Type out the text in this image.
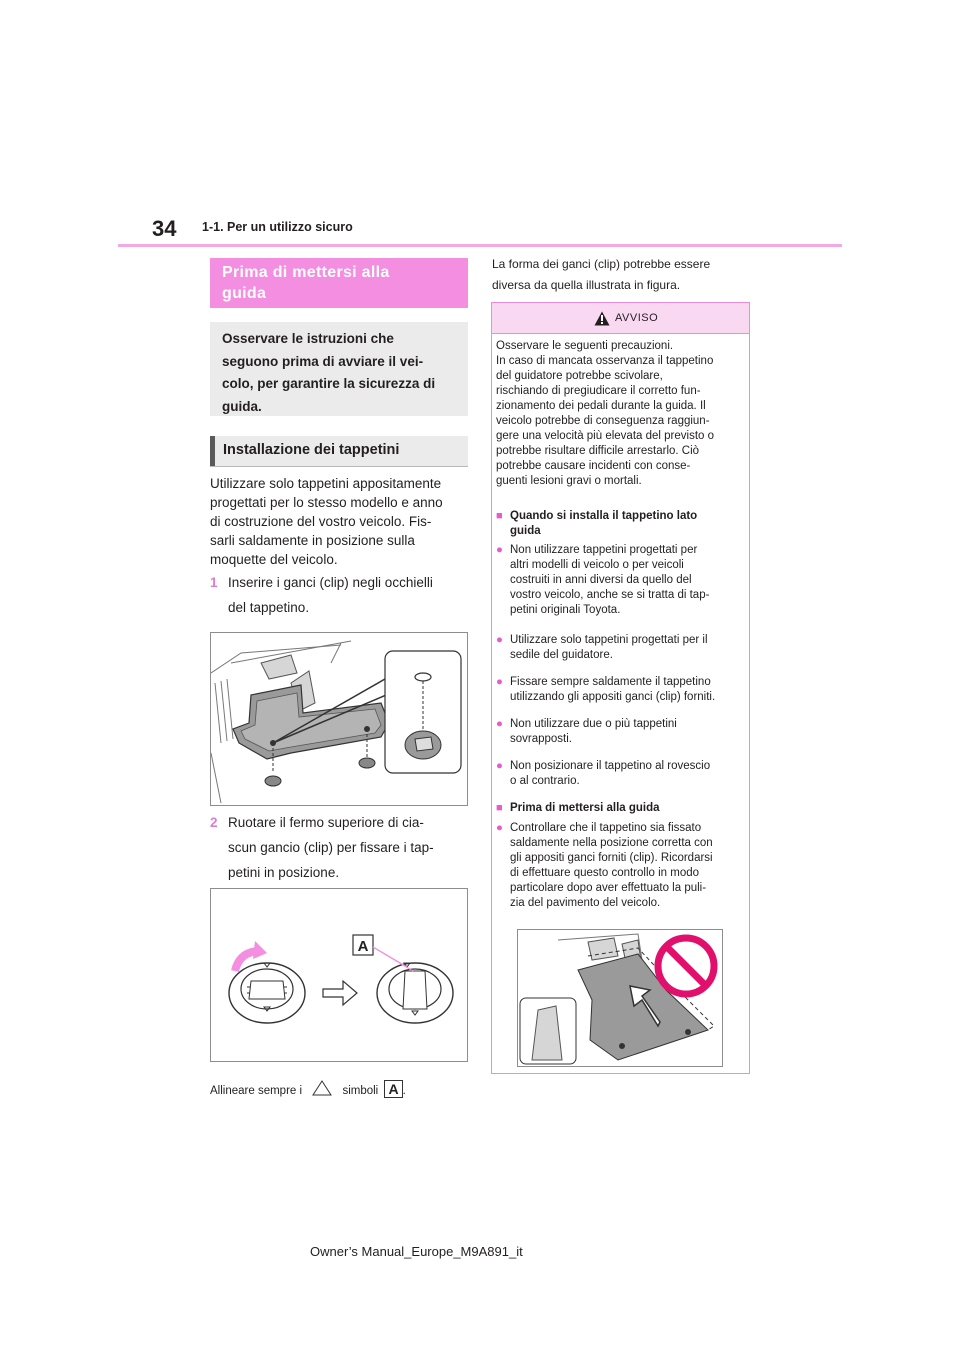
34 1-1. Per un utilizzo sicuro
Prima di mettersi alla
guida
Osservare le istruzioni che
seguono prima di avviare il vei-
colo, per garantire la sicurezza di
guida.
Installazione dei tappetini
Utilizzare solo tappetini appositamente
progettati per lo stesso modello e anno
di costruzione del vostro veicolo. Fis-
sarli saldamente in posizione sulla
moquette del veicolo.
1 Inserire i ganci (clip) negli occhielli
del tappetino.
2 Ruotare il fermo superiore di cia-
scun gancio (clip) per fissare i tap-
petini in posizione.
A
Allineare sempre i	simboli A .
La forma dei ganci (clip) potrebbe essere
diversa da quella illustrata in figura.
AVVISO
Osservare le seguenti precauzioni.
In caso di mancata osservanza il tappetino
del guidatore potrebbe scivolare,
rischiando di pregiudicare il corretto fun-
zionamento dei pedali durante la guida. Il
veicolo potrebbe di conseguenza raggiun-
gere una velocità più elevata del previsto o
potrebbe risultare difficile arrestarlo. Ciò
potrebbe causare incidenti con conse-
guenti lesioni gravi o mortali.
■ Quando si installa il tappetino lato
guida
● Non utilizzare tappetini progettati per
altri modelli di veicolo o per veicoli
costruiti in anni diversi da quello del
vostro veicolo, anche se si tratta di tap-
petini originali Toyota.
● Utilizzare solo tappetini progettati per il
sedile del guidatore.
● Fissare sempre saldamente il tappetino
utilizzando gli appositi ganci (clip) forniti.
● Non utilizzare due o più tappetini
sovrapposti.
● Non posizionare il tappetino al rovescio
o al contrario.
■ Prima di mettersi alla guida
● Controllare che il tappetino sia fissato
saldamente nella posizione corretta con
gli appositi ganci forniti (clip). Ricordarsi
di effettuare questo controllo in modo
particolare dopo aver effettuato la puli-
zia del pavimento del veicolo.
Owner’s Manual_Europe_M9A891_it
